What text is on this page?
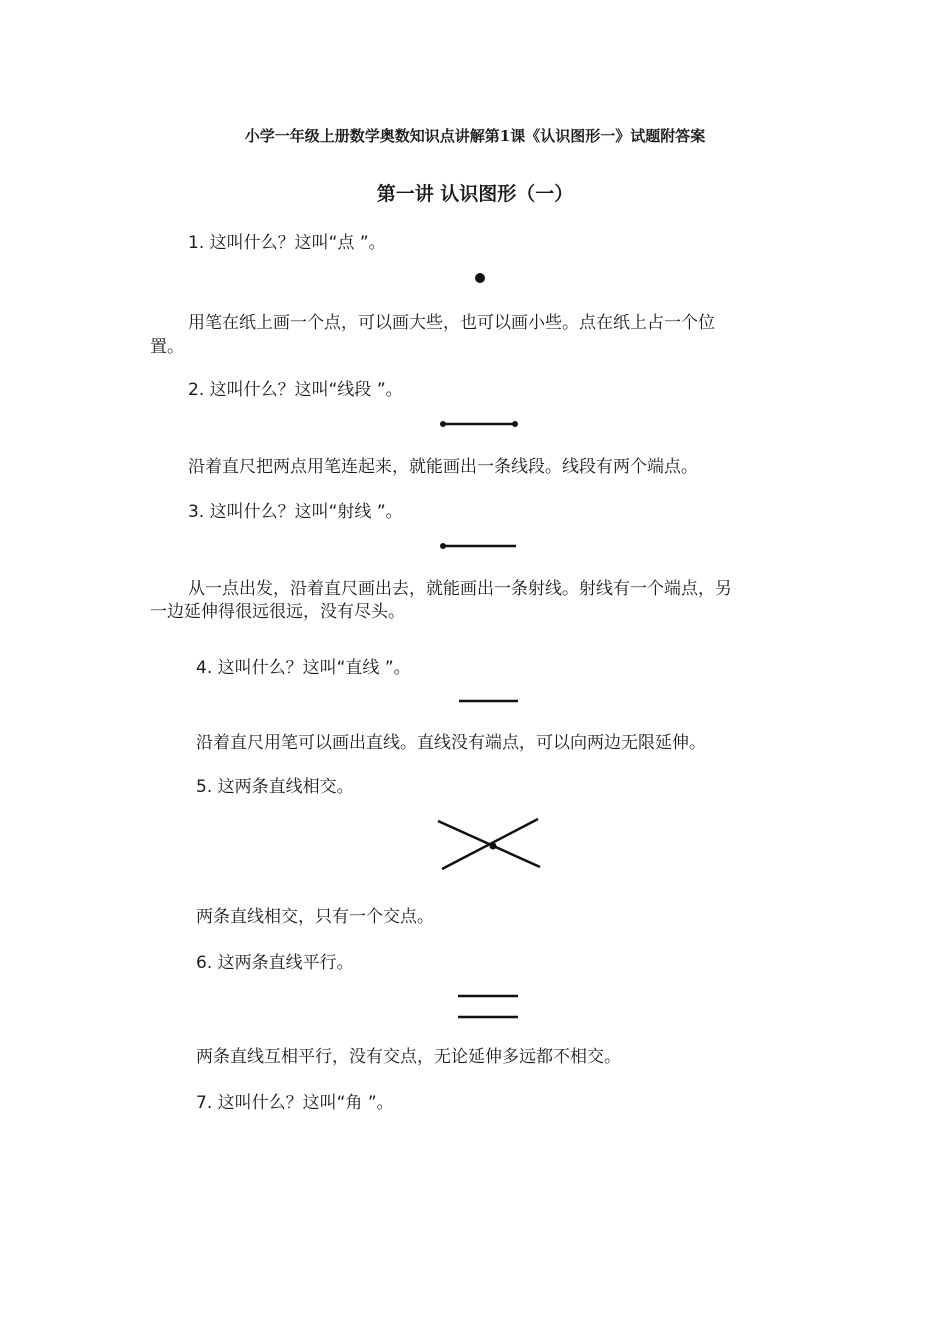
小学一年级上册数学奥数知识点讲解第1课《认识图形一》试题附答案
第一讲 认识图形（一）
1. 这叫什么？这叫“点 ”。
用笔在纸上画一个点，可以画大些，也可以画小些。点在纸上占一个位
置。
2. 这叫什么？这叫“线段 ”。
沿着直尺把两点用笔连起来，就能画出一条线段。线段有两个端点。
3. 这叫什么？这叫“射线 ”。
从一点出发，沿着直尺画出去，就能画出一条射线。射线有一个端点，另
一边延伸得很远很远，没有尽头。
4. 这叫什么？这叫“直线 ”。
沿着直尺用笔可以画出直线。直线没有端点，可以向两边无限延伸。
5. 这两条直线相交。
两条直线相交，只有一个交点。
6. 这两条直线平行。
两条直线互相平行，没有交点，无论延伸多远都不相交。
7. 这叫什么？这叫“角 ”。
